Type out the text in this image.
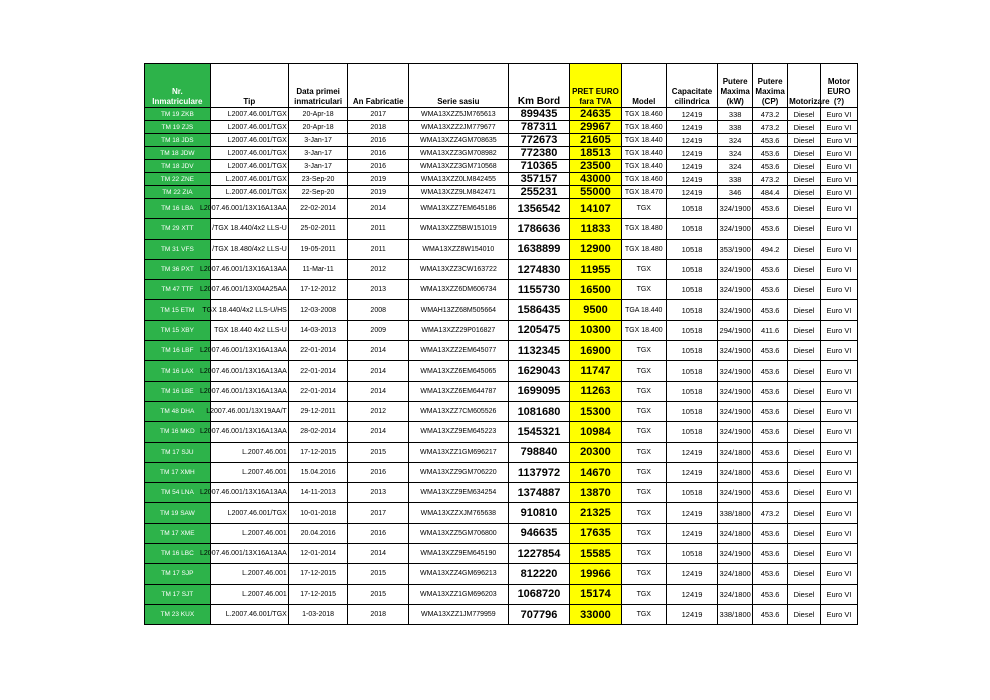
Nr. Inmatriculare	Tip	Data primei inmatriculari	An Fabricatie	Serie sasiu	Km Bord	PRET EURO fara TVA	Model	Capacitate cilindrica	Putere Maxima (kW)	Putere Maxima (CP)	Motorizare	Motor EURO (?)
TM 19 ZKB	L2007.46.001/TGX	20-Apr-18	2017	WMA13XZZ5JM765613	899435	24635	TGX 18.460	12419	338	473.2	Diesel	Euro VI
TM 19 ZJS	L2007.46.001/TGX	20-Apr-18	2018	WMA13XZZ2JM779677	787311	29967	TGX 18.460	12419	338	473.2	Diesel	Euro VI
TM 18 JDS	L2007.46.001/TGX	3-Jan-17	2016	WMA13XZZ4GM708635	772673	21605	TGX 18.440	12419	324	453.6	Diesel	Euro VI
TM 18 JDW	L2007.46.001/TGX	3-Jan-17	2016	WMA13XZZ3GM708982	772380	18513	TGX 18.440	12419	324	453.6	Diesel	Euro VI
TM 18 JDV	L2007.46.001/TGX	3-Jan-17	2016	WMA13XZZ3GM710568	710365	23500	TGX 18.440	12419	324	453.6	Diesel	Euro VI
TM 22 ZNE	L.2007.46.001/TGX	23-Sep-20	2019	WMA13XZZ0LM842455	357157	43000	TGX 18.460	12419	338	473.2	Diesel	Euro VI
TM 22 ZIA	L.2007.46.001/TGX	22-Sep-20	2019	WMA13XZZ9LM842471	255231	55000	TGX 18.470	12419	346	484.4	Diesel	Euro VI
TM 16 LBA	L2007.46.001/13X16A13AA	22-02-2014	2014	WMA13XZZ7EM645186	1356542	14107	TGX	10518	324/1900	453.6	Diesel	Euro VI
TM 29 XTT	TGX 18.440/4x2 LLS-U/	25-02-2011	2011	WMA13XZZ5BW151019	1786636	11833	TGX 18.480	10518	324/1900	453.6	Diesel	Euro VI
TM 31 VFS	TGX 18.480/4x2 LLS-U/	19-05-2011	2011	WMA13XZZ8W154010	1638899	12900	TGX 18.480	10518	353/1900	494.2	Diesel	Euro VI
TM 36 PXT	L2007.46.001/13X16A13AA	11-Mar-11	2012	WMA13XZZ3CW163722	1274830	11955	TGX	10518	324/1900	453.6	Diesel	Euro VI
TM 47 TTF	L2007.46.001/13X04A25AA	17-12-2012	2013	WMA13XZZ6DM606734	1155730	16500	TGX	10518	324/1900	453.6	Diesel	Euro VI
TM 15 ETM	TGX 18.440/4x2 LLS-U/HS	12-03-2008	2008	WMAH13ZZ68M505664	1586435	9500	TGA 18.440	10518	324/1900	453.6	Diesel	Euro VI
TM 15 XBY	TGX 18.440 4x2 LLS-U	14-03-2013	2009	WMA13XZZ29P016827	1205475	10300	TGX 18.400	10518	294/1900	411.6	Diesel	Euro VI
TM 16 LBF	L2007.46.001/13X16A13AA	22-01-2014	2014	WMA13XZZ2EM645077	1132345	16900	TGX	10518	324/1900	453.6	Diesel	Euro VI
TM 16 LAX	L2007.46.001/13X16A13AA	22-01-2014	2014	WMA13XZZ6EM645065	1629043	11747	TGX	10518	324/1900	453.6	Diesel	Euro VI
TM 16 LBE	L2007.46.001/13X16A13AA	22-01-2014	2014	WMA13XZZ6EM644787	1699095	11263	TGX	10518	324/1900	453.6	Diesel	Euro VI
TM 48 DHA	L2007.46.001/13X19AA/T	29-12-2011	2012	WMA13XZZ7CM605526	1081680	15300	TGX	10518	324/1900	453.6	Diesel	Euro VI
TM 16 MKD	L2007.46.001/13X16A13AA	28-02-2014	2014	WMA13XZZ9EM645223	1545321	10984	TGX	10518	324/1900	453.6	Diesel	Euro VI
TM 17 SJU	L.2007.46.001	17-12-2015	2015	WMA13XZZ1GM696217	798840	20300	TGX	12419	324/1800	453.6	Diesel	Euro VI
TM 17 XMH	L.2007.46.001	15.04.2016	2016	WMA13XZZ9GM706220	1137972	14670	TGX	12419	324/1800	453.6	Diesel	Euro VI
TM 54 LNA	L2007.46.001/13X16A13AA	14-11-2013	2013	WMA13XZZ9EM634254	1374887	13870	TGX	10518	324/1900	453.6	Diesel	Euro VI
TM 19 SAW	L2007.46.001/TGX	10-01-2018	2017	WMA13XZZXJM765638	910810	21325	TGX	12419	338/1800	473.2	Diesel	Euro VI
TM 17 XME	L.2007.46.001	20.04.2016	2016	WMA13XZZ5GM706800	946635	17635	TGX	12419	324/1800	453.6	Diesel	Euro VI
TM 16 LBC	L2007.46.001/13X16A13AA	12-01-2014	2014	WMA13XZZ9EM645190	1227854	15585	TGX	10518	324/1900	453.6	Diesel	Euro VI
TM 17 SJP	L.2007.46.001	17-12-2015	2015	WMA13XZZ4GM696213	812220	19966	TGX	12419	324/1800	453.6	Diesel	Euro VI
TM 17 SJT	L.2007.46.001	17-12-2015	2015	WMA13XZZ1GM696203	1068720	15174	TGX	12419	324/1800	453.6	Diesel	Euro VI
TM 23 KUX	L.2007.46.001/TGX	1-03-2018	2018	WMA13XZZ1JM779959	707796	33000	TGX	12419	338/1800	453.6	Diesel	Euro VI
